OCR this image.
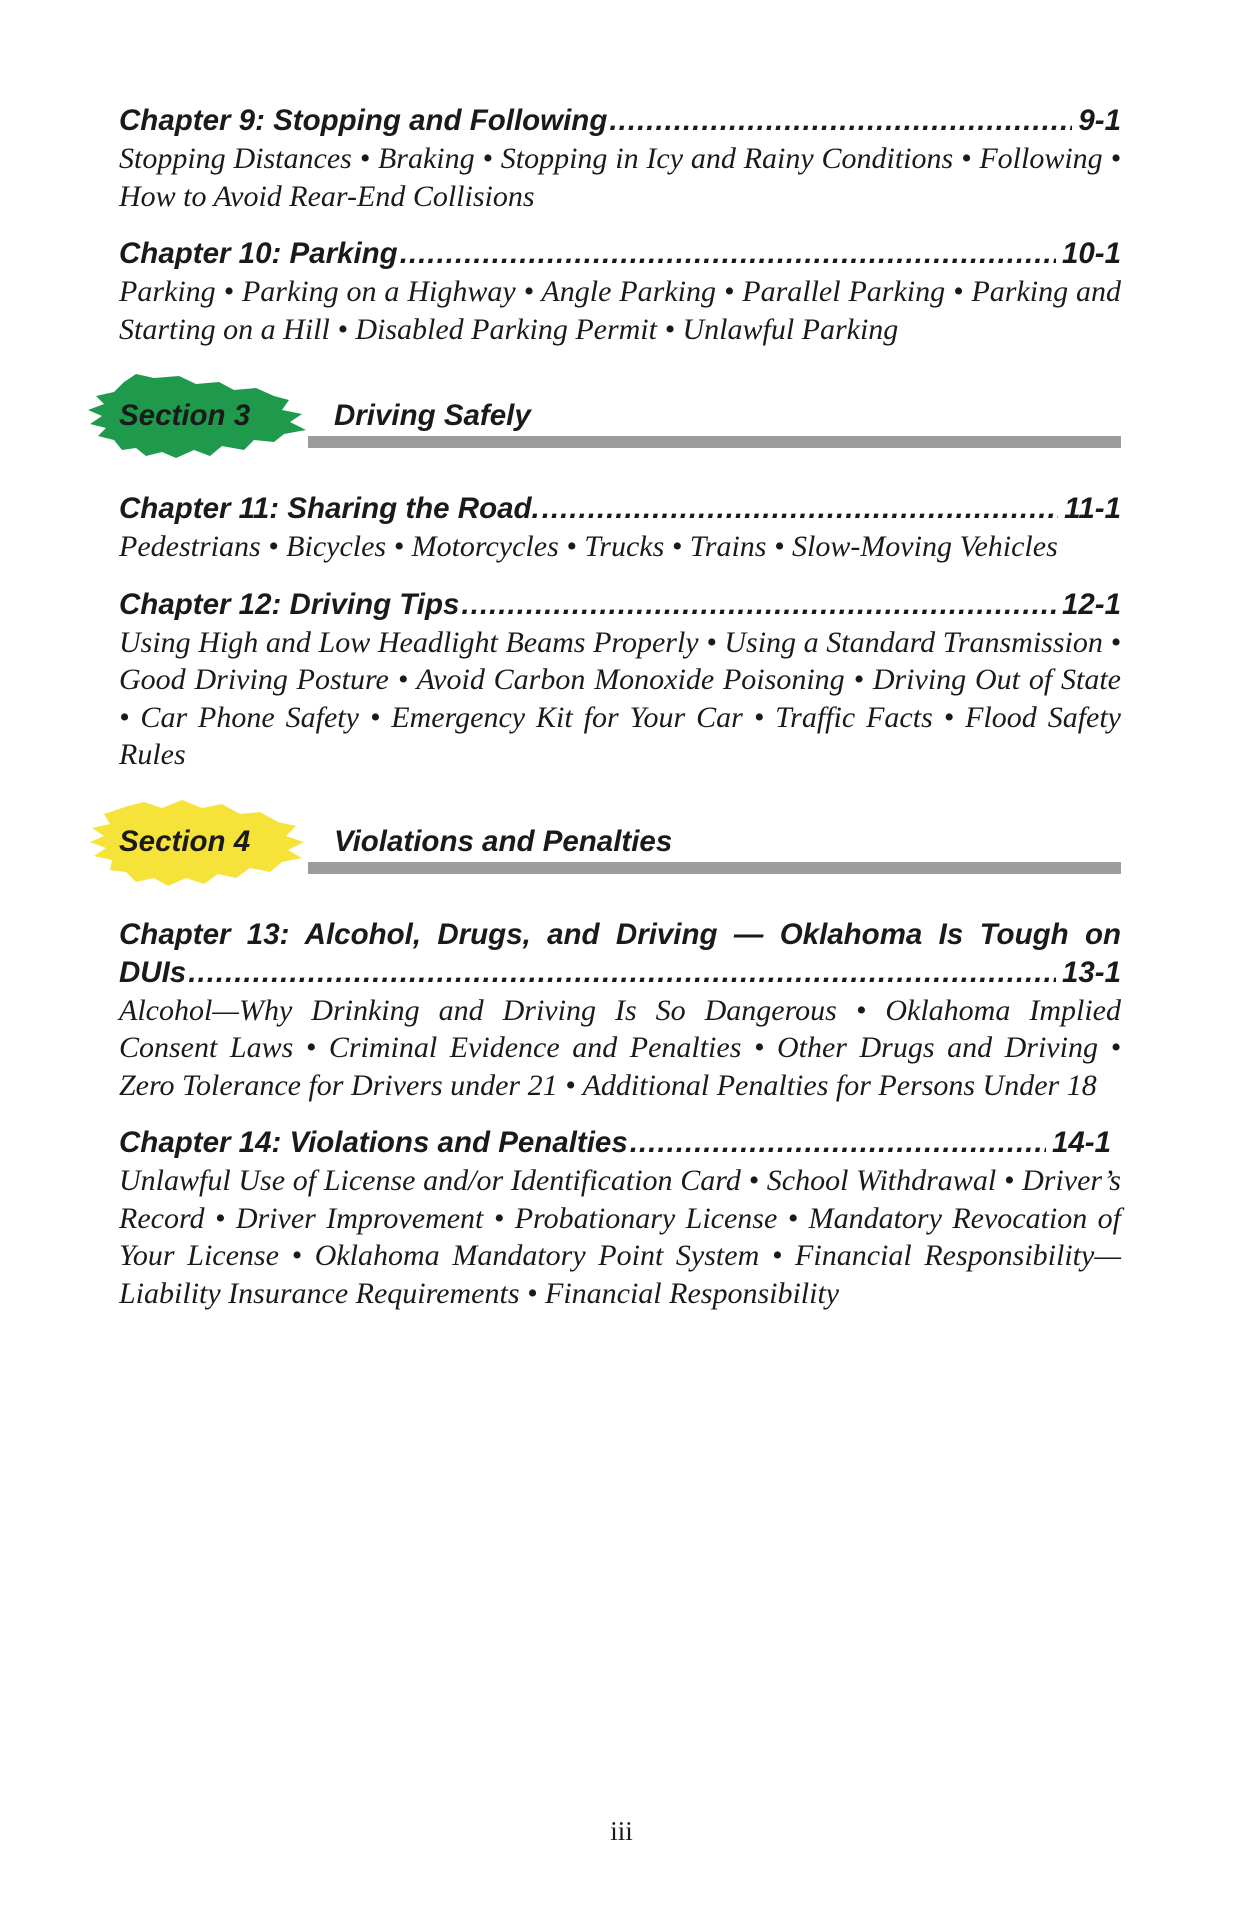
Chapter 9: Stopping and Following .....	9-1
Stopping Distances • Braking • Stopping in Icy and Rainy Conditions • Following • How to Avoid Rear-End Collisions
Chapter 10: Parking .....	10-1
Parking • Parking on a Highway • Angle Parking • Parallel Parking • Parking and Starting on a Hill • Disabled Parking Permit • Unlawful Parking
Section 3	Driving Safely
Chapter 11: Sharing the Road. .....	11-1
Pedestrians • Bicycles • Motorcycles • Trucks • Trains • Slow-Moving Vehicles
Chapter 12: Driving Tips .....	12-1
Using High and Low Headlight Beams Properly • Using a Standard Transmission • Good Driving Posture • Avoid Carbon Monoxide Poisoning • Driving Out of State • Car Phone Safety • Emergency Kit for Your Car • Traffic Facts • Flood Safety Rules
Section 4	Violations and Penalties
Chapter 13: Alcohol, Drugs, and Driving — Oklahoma Is Tough on
DUIs .....	13-1
Alcohol—Why Drinking and Driving Is So Dangerous • Oklahoma Implied Consent Laws • Criminal Evidence and Penalties • Other Drugs and Driving • Zero Tolerance for Drivers under 21 • Additional Penalties for Persons Under 18
Chapter 14: Violations and Penalties .....	14-1
Unlawful Use of License and/or Identification Card • School Withdrawal • Driver’s Record • Driver Improvement • Probationary License • Mandatory Revocation of Your License • Oklahoma Mandatory Point System • Financial Responsibility—Liability Insurance Requirements • Financial Responsibility
iii
